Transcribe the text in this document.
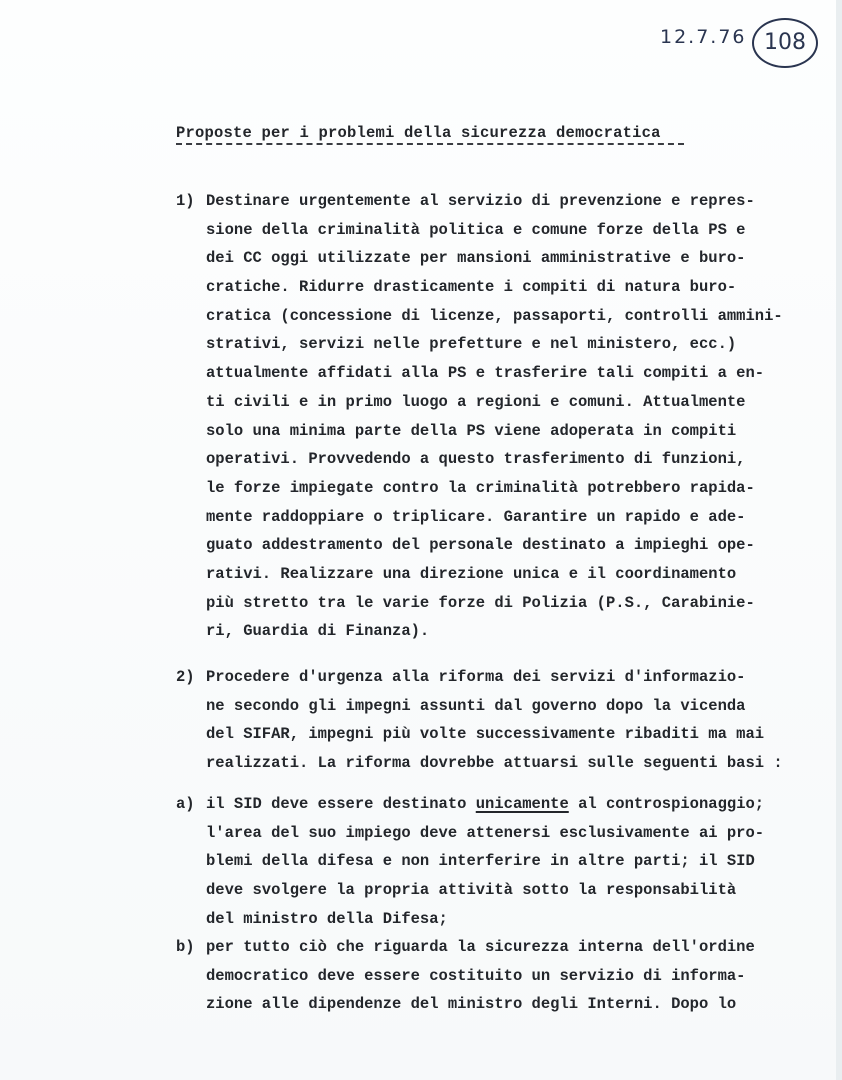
12.7.76 108
Proposte per i problemi della sicurezza democratica
1) Destinare urgentemente al servizio di prevenzione e repres-
sione della criminalità politica e comune forze della PS e
dei CC oggi utilizzate per mansioni amministrative e buro-
cratiche. Ridurre drasticamente i compiti di natura buro-
cratica (concessione di licenze, passaporti, controlli ammini-
strativi, servizi nelle prefetture e nel ministero, ecc.)
attualmente affidati alla PS e trasferire tali compiti a en-
ti civili e in primo luogo a regioni e comuni. Attualmente
solo una minima parte della PS viene adoperata in compiti
operativi. Provvedendo a questo trasferimento di funzioni,
le forze impiegate contro la criminalità potrebbero rapida-
mente raddoppiare o triplicare. Garantire un rapido e ade-
guato addestramento del personale destinato a impieghi ope-
rativi. Realizzare una direzione unica e il coordinamento
più stretto tra le varie forze di Polizia (P.S., Carabinie-
ri, Guardia di Finanza).
2) Procedere d'urgenza alla riforma dei servizi d'informazio-
ne secondo gli impegni assunti dal governo dopo la vicenda
del SIFAR, impegni più volte successivamente ribaditi ma mai
realizzati. La riforma dovrebbe attuarsi sulle seguenti basi :
a) il SID deve essere destinato unicamente al controspionaggio;
l'area del suo impiego deve attenersi esclusivamente ai pro-
blemi della difesa e non interferire in altre parti; il SID
deve svolgere la propria attività sotto la responsabilità
del ministro della Difesa;
b) per tutto ciò che riguarda la sicurezza interna dell'ordine
democratico deve essere costituito un servizio di informa-
zione alle dipendenze del ministro degli Interni. Dopo lo
